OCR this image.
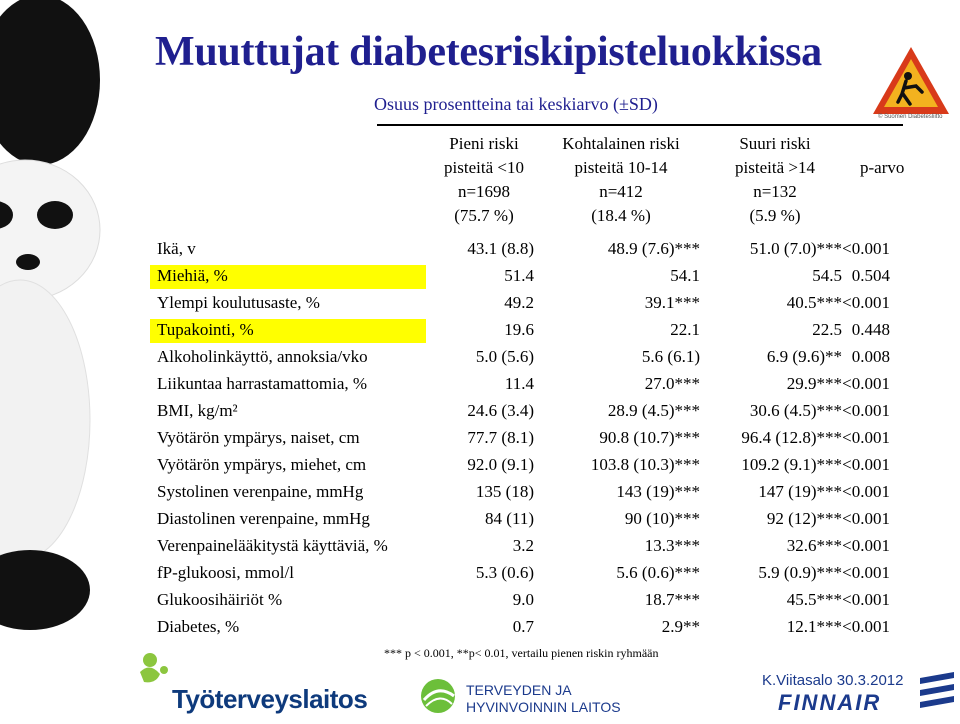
Muuttujat diabetesriskipisteluokkissa
Osuus prosentteina tai keskiarvo (±SD)
© Suomen Diabetesliitto
Pieni riski
pisteitä <10
n=1698
(75.7 %)
Kohtalainen riski
pisteitä 10-14
n=412
(18.4 %)
Suuri riski
pisteitä >14
n=132
(5.9 %)
p-arvo
Ikä, v	43.1 (8.8)	48.9 (7.6)***	51.0 (7.0)*** <0.001
Miehiä, %	51.4	54.1	54.5 0.504
Ylempi koulutusaste, %	49.2	39.1***	40.5*** <0.001
Tupakointi, %	19.6	22.1	22.5 0.448
Alkoholinkäyttö, annoksia/vko	5.0 (5.6)	5.6 (6.1)	6.9 (9.6)** 0.008
Liikuntaa harrastamattomia, %	11.4	27.0***	29.9*** <0.001
BMI, kg/m²	24.6 (3.4)	28.9 (4.5)***	30.6 (4.5)*** <0.001
Vyötärön ympärys, naiset, cm	77.7 (8.1)	90.8 (10.7)*** 96.4 (12.8)*** <0.001
Vyötärön ympärys, miehet, cm	92.0 (9.1)	103.8 (10.3)*** 109.2 (9.1)*** <0.001
Systolinen verenpaine, mmHg	135 (18)	143 (19)***	147 (19)*** <0.001
Diastolinen verenpaine, mmHg	84 (11)	90 (10)***	92 (12)*** <0.001
Verenpainelääkitystä käyttäviä, %	3.2	13.3***	32.6*** <0.001
fP-glukoosi, mmol/l	5.3 (0.6)	5.6 (0.6)***	5.9 (0.9)*** <0.001
Glukoosihäiriöt %	9.0	18.7***	45.5*** <0.001
Diabetes, %	0.7	2.9**	12.1*** <0.001
*** p < 0.001, **p< 0.01, vertailu pienen riskin ryhmään
Työterveyslaitos	TERVEYDEN JA
HYVINVOINNIN LAITOS
K.Viitasalo 30.3.2012
FINNAIR
